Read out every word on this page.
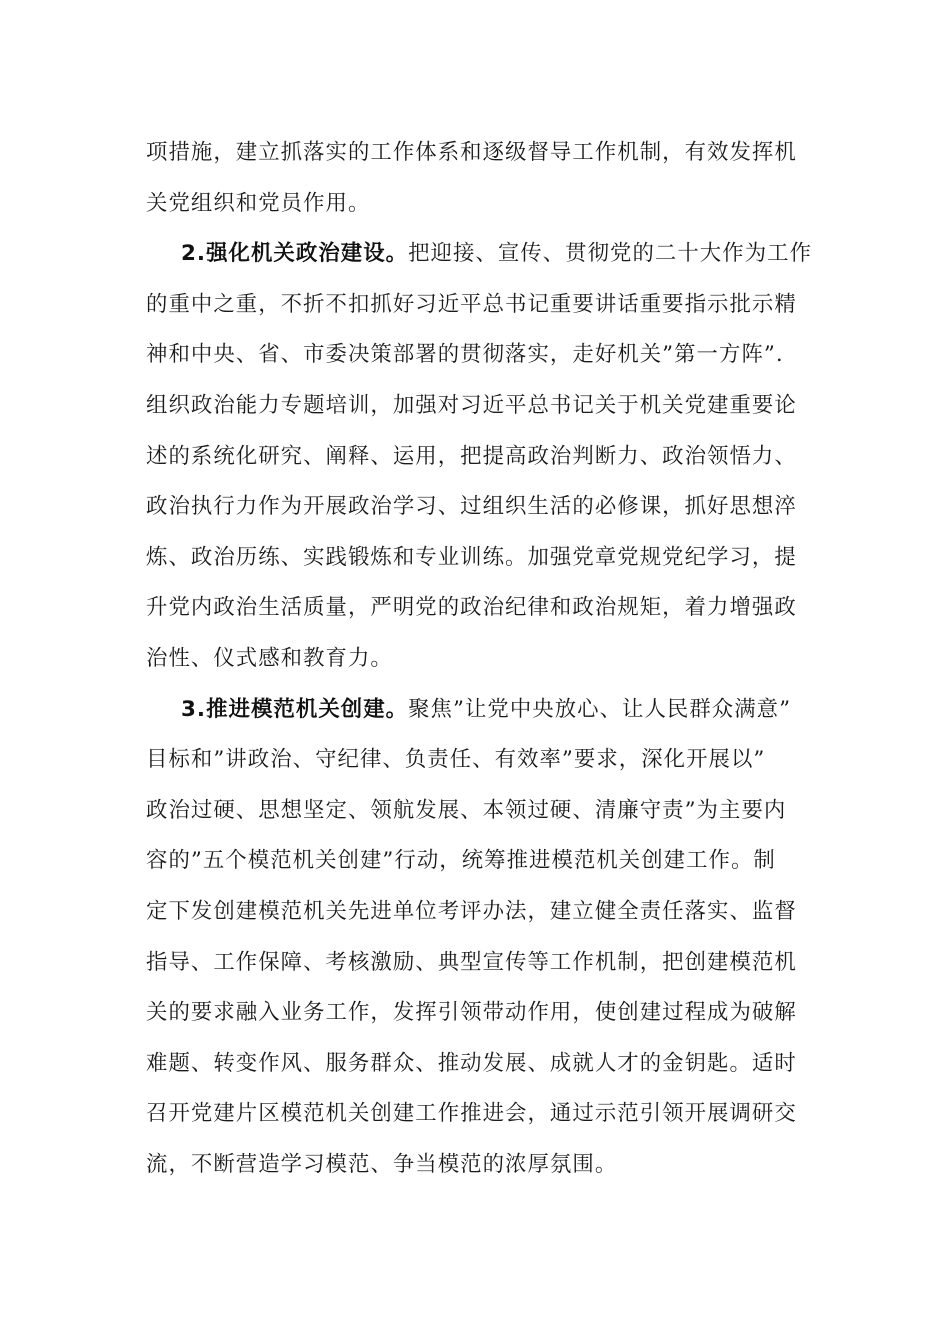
项措施，建立抓落实的工作体系和逐级督导工作机制，有效发挥机
关党组织和党员作用。
2.强化机关政治建设。把迎接、宣传、贯彻党的二十大作为工作
的重中之重，不折不扣抓好习近平总书记重要讲话重要指示批示精
神和中央、省、市委决策部署的贯彻落实，走好机关”第一方阵”.
组织政治能力专题培训，加强对习近平总书记关于机关党建重要论
述的系统化研究、阐释、运用，把提高政治判断力、政治领悟力、
政治执行力作为开展政治学习、过组织生活的必修课，抓好思想淬
炼、政治历练、实践锻炼和专业训练。加强党章党规党纪学习，提
升党内政治生活质量，严明党的政治纪律和政治规矩，着力增强政
治性、仪式感和教育力。
3.推进模范机关创建。聚焦”让党中央放心、让人民群众满意”
目标和”讲政治、守纪律、负责任、有效率”要求，深化开展以”
政治过硬、思想坚定、领航发展、本领过硬、清廉守责”为主要内
容的”五个模范机关创建”行动，统筹推进模范机关创建工作。制
定下发创建模范机关先进单位考评办法，建立健全责任落实、监督
指导、工作保障、考核激励、典型宣传等工作机制，把创建模范机
关的要求融入业务工作，发挥引领带动作用，使创建过程成为破解
难题、转变作风、服务群众、推动发展、成就人才的金钥匙。适时
召开党建片区模范机关创建工作推进会，通过示范引领开展调研交
流，不断营造学习模范、争当模范的浓厚氛围。
